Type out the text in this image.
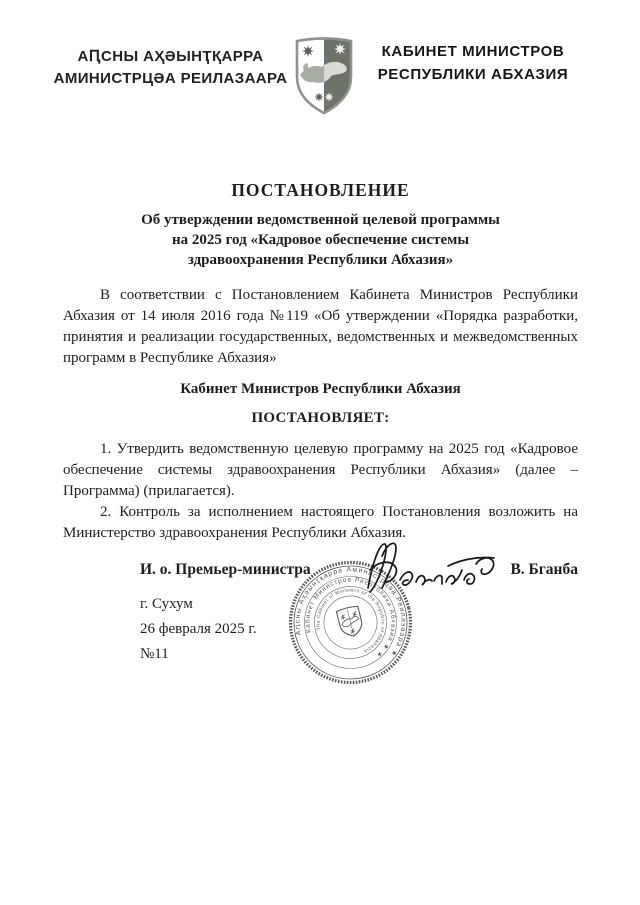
АԤСНЫ АҲӘЫНҬҚАРРА
АМИНИСТРЦӘА РЕИЛАЗААРА
КАБИНЕТ МИНИСТРОВ
РЕСПУБЛИКИ АБХАЗИЯ
ПОСТАНОВЛЕНИЕ
Об утверждении ведомственной целевой программы
на 2025 год «Кадровое обеспечение системы
здравоохранения Республики Абхазия»
В соответствии с Постановлением Кабинета Министров Республики Абхазия от 14 июля 2016 года №119 «Об утверждении «Порядка разработки, принятия и реализации государственных, ведомственных и межведомственных программ в Республике Абхазия»
Кабинет Министров Республики Абхазия
ПОСТАНОВЛЯЕТ:
1. Утвердить ведомственную целевую программу на 2025 год «Кадровое обеспечение системы здравоохранения Республики Абхазия» (далее – Программа) (прилагается).
2. Контроль за исполнением настоящего Постановления возложить на Министерство здравоохранения Республики Абхазия.
И. о. Премьер-министра	В. Бганба
г. Сухум
26 февраля 2025 г.
№11
Аԥсны Аҳәынҭқарра Аминистрцәа Реилазаара ★
Кабинет Министров Республики Абхазия ★ ★
The Cabinet of Ministers of the Republic of Abkhazia
